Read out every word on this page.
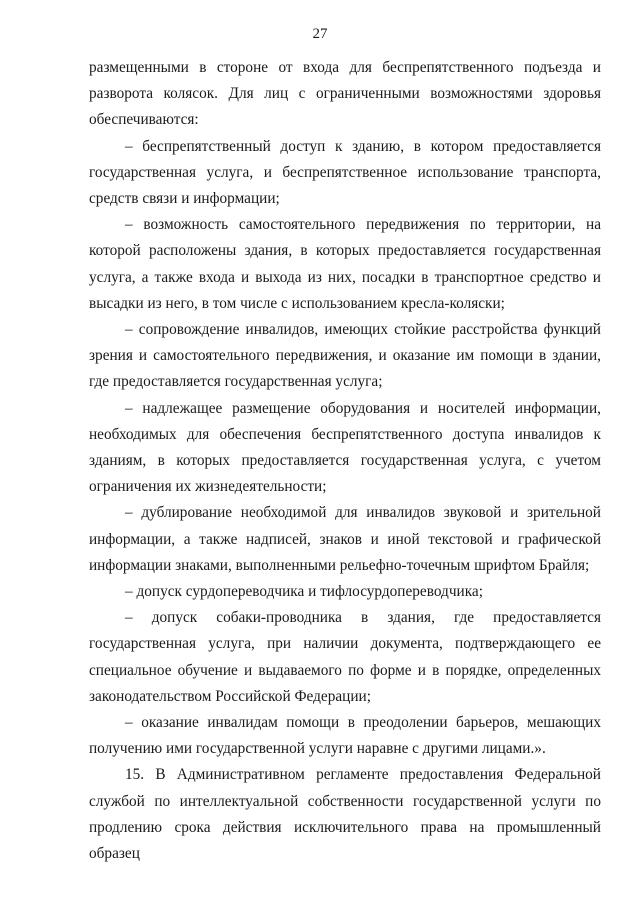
27

размещенными в стороне от входа для беспрепятственного подъезда и разворота колясок. Для лиц с ограниченными возможностями здоровья обеспечиваются:

– беспрепятственный доступ к зданию, в котором предоставляется государственная услуга, и беспрепятственное использование транспорта, средств связи и информации;

– возможность самостоятельного передвижения по территории, на которой расположены здания, в которых предоставляется государственная услуга, а также входа и выхода из них, посадки в транспортное средство и высадки из него, в том числе с использованием кресла-коляски;

– сопровождение инвалидов, имеющих стойкие расстройства функций зрения и самостоятельного передвижения, и оказание им помощи в здании, где предоставляется государственная услуга;

– надлежащее размещение оборудования и носителей информации, необходимых для обеспечения беспрепятственного доступа инвалидов к зданиям, в которых предоставляется государственная услуга, с учетом ограничения их жизнедеятельности;

– дублирование необходимой для инвалидов звуковой и зрительной информации, а также надписей, знаков и иной текстовой и графической информации знаками, выполненными рельефно-точечным шрифтом Брайля;

– допуск сурдопереводчика и тифлосурдопереводчика;

– допуск собаки-проводника в здания, где предоставляется государственная услуга, при наличии документа, подтверждающего ее специальное обучение и выдаваемого по форме и в порядке, определенных законодательством Российской Федерации;

– оказание инвалидам помощи в преодолении барьеров, мешающих получению ими государственной услуги наравне с другими лицами.».

15. В Административном регламенте предоставления Федеральной службой по интеллектуальной собственности государственной услуги по продлению срока действия исключительного права на промышленный образец
